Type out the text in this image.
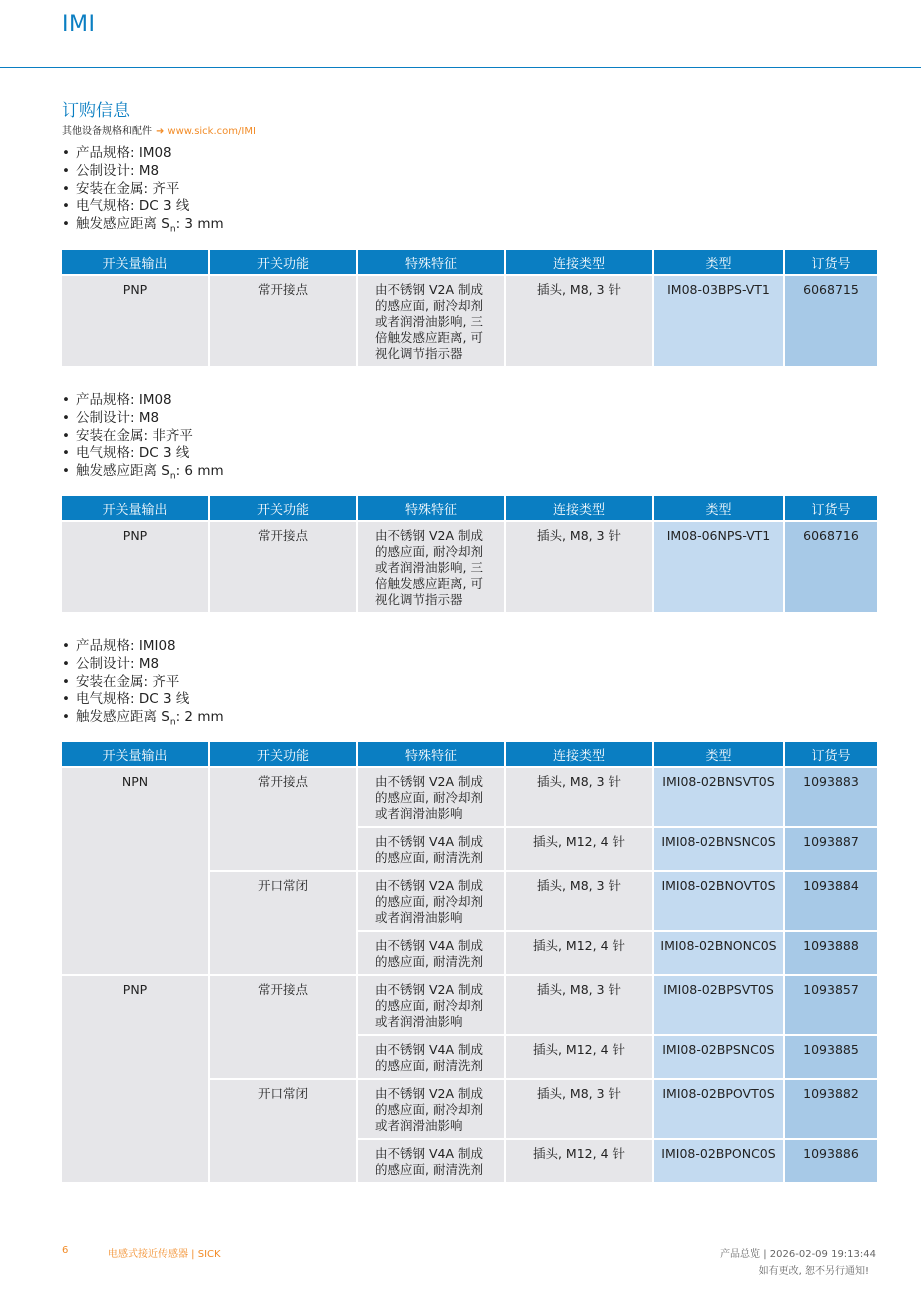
IMI
订购信息
其他设备规格和配件 ➜ www.sick.com/IMI
• 产品规格: IM08
• 公制设计: M8
• 安装在金属: 齐平
• 电气规格: DC 3 线
• 触发感应距离 $S_n$: 3 mm
开关量输出	开关功能	特殊特征	连接类型	类型	订货号
PNP	常开接点	由不锈钢 V2A 制成的感应面, 耐冷却剂或者润滑油影响, 三倍触发感应距离, 可视化调节指示器	插头, M8, 3 针	IM08-03BPS-VT1	6068715
• 产品规格: IM08
• 公制设计: M8
• 安装在金属: 非齐平
• 电气规格: DC 3 线
• 触发感应距离 $S_n$: 6 mm
开关量输出	开关功能	特殊特征	连接类型	类型	订货号
PNP	常开接点	由不锈钢 V2A 制成的感应面, 耐冷却剂或者润滑油影响, 三倍触发感应距离, 可视化调节指示器	插头, M8, 3 针	IM08-06NPS-VT1	6068716
• 产品规格: IMI08
• 公制设计: M8
• 安装在金属: 齐平
• 电气规格: DC 3 线
• 触发感应距离 $S_n$: 2 mm
开关量输出	开关功能	特殊特征	连接类型	类型	订货号
NPN	常开接点	由不锈钢 V2A 制成的感应面, 耐冷却剂或者润滑油影响	插头, M8, 3 针	IMI08-02BNSVT0S	1093883
		由不锈钢 V4A 制成的感应面, 耐清洗剂	插头, M12, 4 针	IMI08-02BNSNC0S	1093887
	开口常闭	由不锈钢 V2A 制成的感应面, 耐冷却剂或者润滑油影响	插头, M8, 3 针	IMI08-02BNOVT0S	1093884
		由不锈钢 V4A 制成的感应面, 耐清洗剂	插头, M12, 4 针	IMI08-02BNONC0S	1093888
PNP	常开接点	由不锈钢 V2A 制成的感应面, 耐冷却剂或者润滑油影响	插头, M8, 3 针	IMI08-02BPSVT0S	1093857
		由不锈钢 V4A 制成的感应面, 耐清洗剂	插头, M12, 4 针	IMI08-02BPSNC0S	1093885
	开口常闭	由不锈钢 V2A 制成的感应面, 耐冷却剂或者润滑油影响	插头, M8, 3 针	IMI08-02BPOVT0S	1093882
		由不锈钢 V4A 制成的感应面, 耐清洗剂	插头, M12, 4 针	IMI08-02BPONC0S	1093886
6	电感式接近传感器 | SICK	产品总览 | 2026-02-09 19:13:44
如有更改, 恕不另行通知!
